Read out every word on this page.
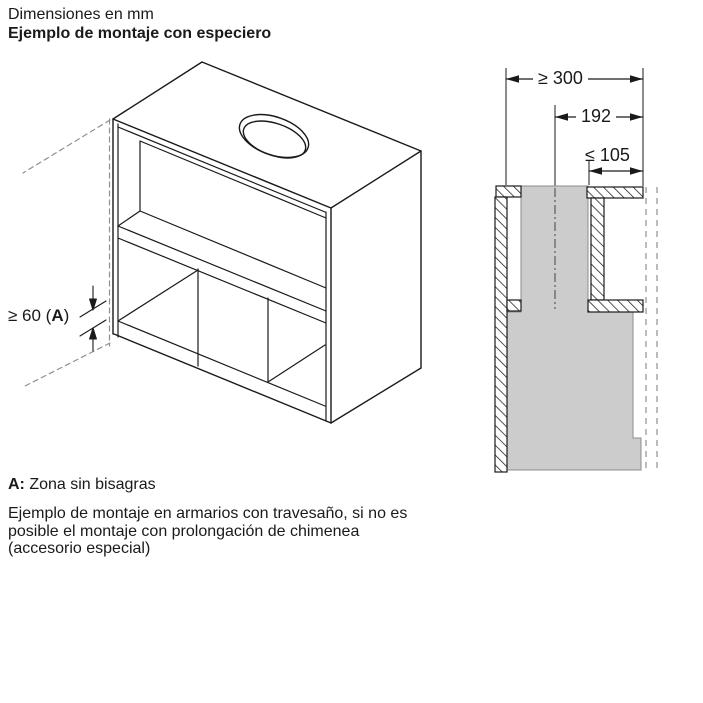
Dimensiones en mm
Ejemplo de montaje con especiero
≥ 60 (A)
≥ 300
192
≤ 105
A: Zona sin bisagras
Ejemplo de montaje en armarios con travesaño, si no es
posible el montaje con prolongación de chimenea
(accesorio especial)
